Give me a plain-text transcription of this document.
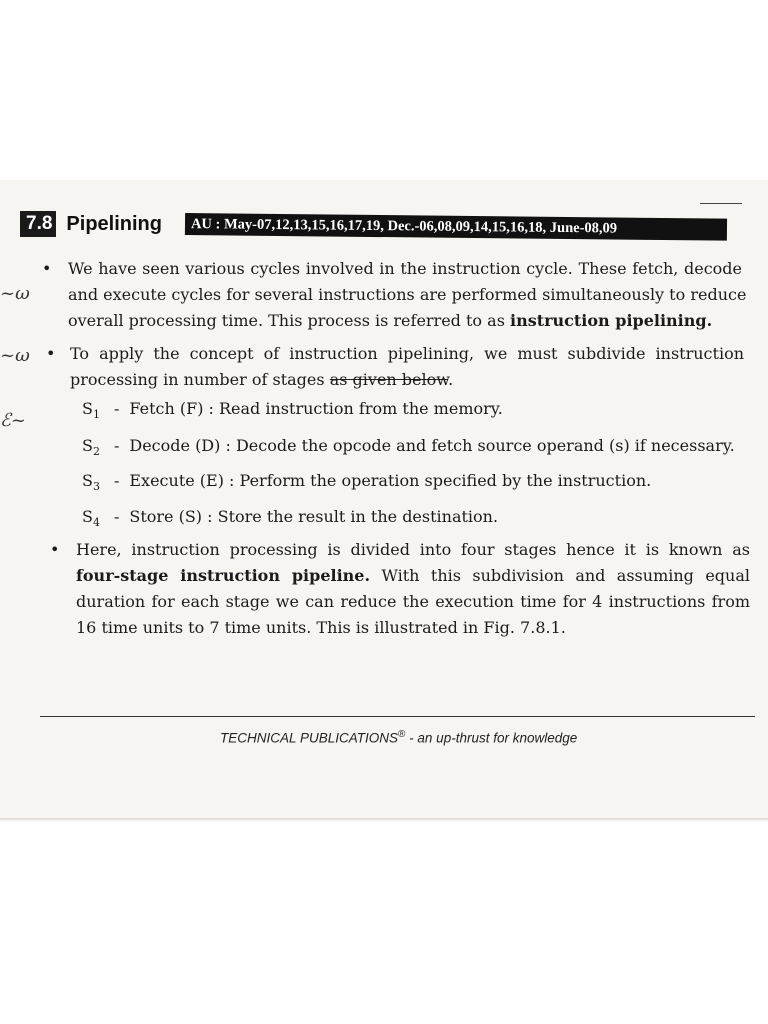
7.8 Pipelining	AU : May-07,12,13,15,16,17,19, Dec.-06,08,09,14,15,16,18, June-08,09
~ω
~ω
ℰ~
• We have seen various cycles involved in the instruction cycle. These fetch, decode
and execute cycles for several instructions are performed simultaneously to reduce
overall processing time. This process is referred to as instruction pipelining.
• To apply the concept of instruction pipelining, we must subdivide instruction
processing in number of stages as given below.
$S_1$ - Fetch (F) : Read instruction from the memory.
$S_2$ - Decode (D) : Decode the opcode and fetch source operand (s) if necessary.
$S_3$ - Execute (E) : Perform the operation specified by the instruction.
$S_4$ - Store (S) : Store the result in the destination.
• Here, instruction processing is divided into four stages hence it is known as
four-stage instruction pipeline. With this subdivision and assuming equal
duration for each stage we can reduce the execution time for 4 instructions from
16 time units to 7 time units. This is illustrated in Fig. 7.8.1.
TECHNICAL PUBLICATIONS® - an up-thrust for knowledge
